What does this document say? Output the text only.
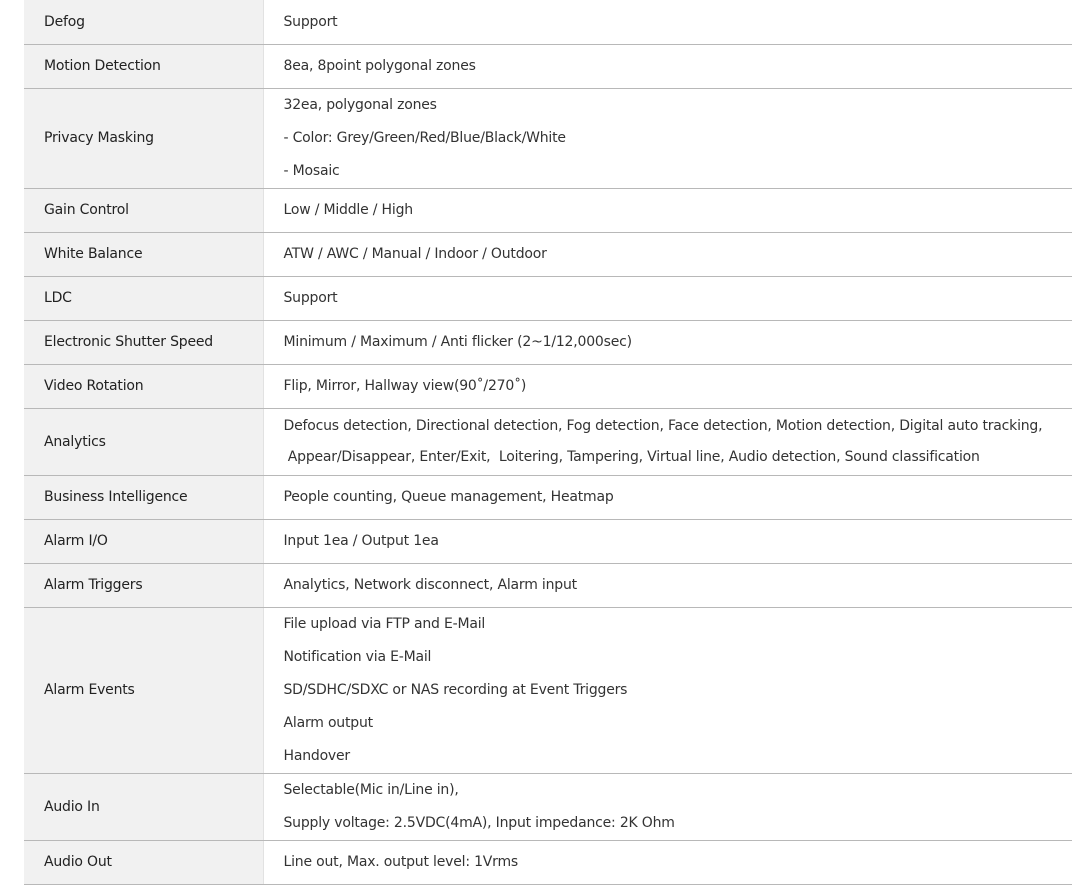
Defog	Support

Motion Detection	8ea, 8point polygonal zones

Privacy Masking	32ea, polygonal zones
- Color: Grey/Green/Red/Blue/Black/White
- Mosaic

Gain Control	Low / Middle / High

White Balance	ATW / AWC / Manual / Indoor / Outdoor

LDC	Support

Electronic Shutter Speed	Minimum / Maximum / Anti flicker (2~1/12,000sec)

Video Rotation	Flip, Mirror, Hallway view(90˚/270˚)

Analytics	Defocus detection, Directional detection, Fog detection, Face detection, Motion detection, Digital auto tracking,
Appear/Disappear, Enter/Exit,  Loitering, Tampering, Virtual line, Audio detection, Sound classification

Business Intelligence	People counting, Queue management, Heatmap

Alarm I/O	Input 1ea / Output 1ea

Alarm Triggers	Analytics, Network disconnect, Alarm input

Alarm Events	File upload via FTP and E-Mail
Notification via E-Mail
SD/SDHC/SDXC or NAS recording at Event Triggers
Alarm output
Handover

Audio In	Selectable(Mic in/Line in),
Supply voltage: 2.5VDC(4mA), Input impedance: 2K Ohm

Audio Out	Line out, Max. output level: 1Vrms
